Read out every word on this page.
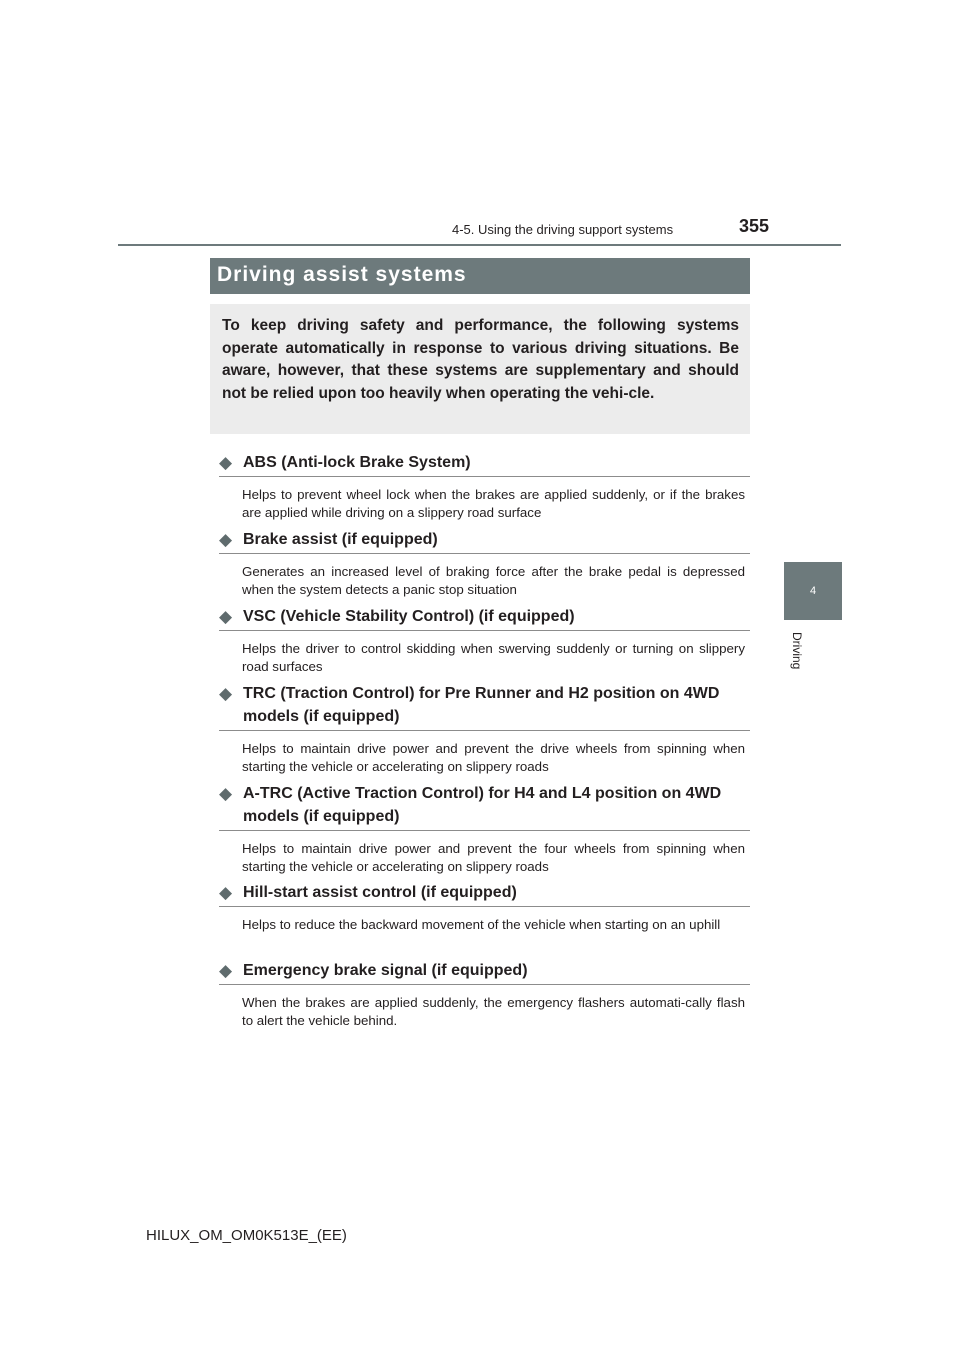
4-5. Using the driving support systems	355
4
Driving
Driving assist systems
To keep driving safety and performance, the following systems operate automatically in response to various driving situations. Be aware, however, that these systems are supplementary and should not be relied upon too heavily when operating the vehi-cle.
◆ ABS (Anti-lock Brake System)
Helps to prevent wheel lock when the brakes are applied suddenly, or if the brakes are applied while driving on a slippery road surface
◆ Brake assist (if equipped)
Generates an increased level of braking force after the brake pedal is depressed when the system detects a panic stop situation
◆ VSC (Vehicle Stability Control) (if equipped)
Helps the driver to control skidding when swerving suddenly or turning on slippery road surfaces
◆ TRC (Traction Control) for Pre Runner and H2 position on 4WD models (if equipped)
Helps to maintain drive power and prevent the drive wheels from spinning when starting the vehicle or accelerating on slippery roads
◆ A-TRC (Active Traction Control) for H4 and L4 position on 4WD models (if equipped)
Helps to maintain drive power and prevent the four wheels from spinning when starting the vehicle or accelerating on slippery roads
◆ Hill-start assist control (if equipped)
Helps to reduce the backward movement of the vehicle when starting on an uphill
◆ Emergency brake signal (if equipped)
When the brakes are applied suddenly, the emergency flashers automati-cally flash to alert the vehicle behind.
HILUX_OM_OM0K513E_(EE)
